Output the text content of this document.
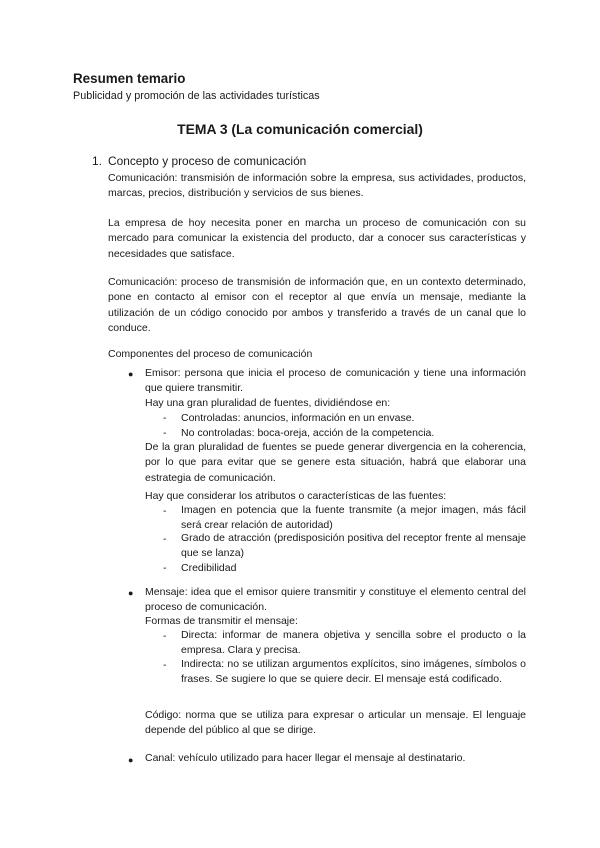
Resumen temario

Publicidad y promoción de las actividades turísticas

TEMA 3 (La comunicación comercial)

1. Concepto y proceso de comunicación

Comunicación: transmisión de información sobre la empresa, sus actividades, productos, marcas, precios, distribución y servicios de sus bienes.

La empresa de hoy necesita poner en marcha un proceso de comunicación con su mercado para comunicar la existencia del producto, dar a conocer sus características y necesidades que satisface.

Comunicación: proceso de transmisión de información que, en un contexto determinado, pone en contacto al emisor con el receptor al que envía un mensaje, mediante la utilización de un código conocido por ambos y transferido a través de un canal que lo conduce.

Componentes del proceso de comunicación

● Emisor: persona que inicia el proceso de comunicación y tiene una información que quiere transmitir.

Hay una gran pluralidad de fuentes, dividiéndose en:

- Controladas: anuncios, información en un envase.

- No controladas: boca-oreja, acción de la competencia.

De la gran pluralidad de fuentes se puede generar divergencia en la coherencia, por lo que para evitar que se genere esta situación, habrá que elaborar una estrategia de comunicación.

Hay que considerar los atributos o características de las fuentes:

- Imagen en potencia que la fuente transmite (a mejor imagen, más fácil será crear relación de autoridad)

- Grado de atracción (predisposición positiva del receptor frente al mensaje que se lanza)

- Credibilidad

● Mensaje: idea que el emisor quiere transmitir y constituye el elemento central del proceso de comunicación.

Formas de transmitir el mensaje:

- Directa: informar de manera objetiva y sencilla sobre el producto o la empresa. Clara y precisa.

- Indirecta: no se utilizan argumentos explícitos, sino imágenes, símbolos o frases. Se sugiere lo que se quiere decir. El mensaje está codificado.

Código: norma que se utiliza para expresar o articular un mensaje. El lenguaje depende del público al que se dirige.

● Canal: vehículo utilizado para hacer llegar el mensaje al destinatario.
